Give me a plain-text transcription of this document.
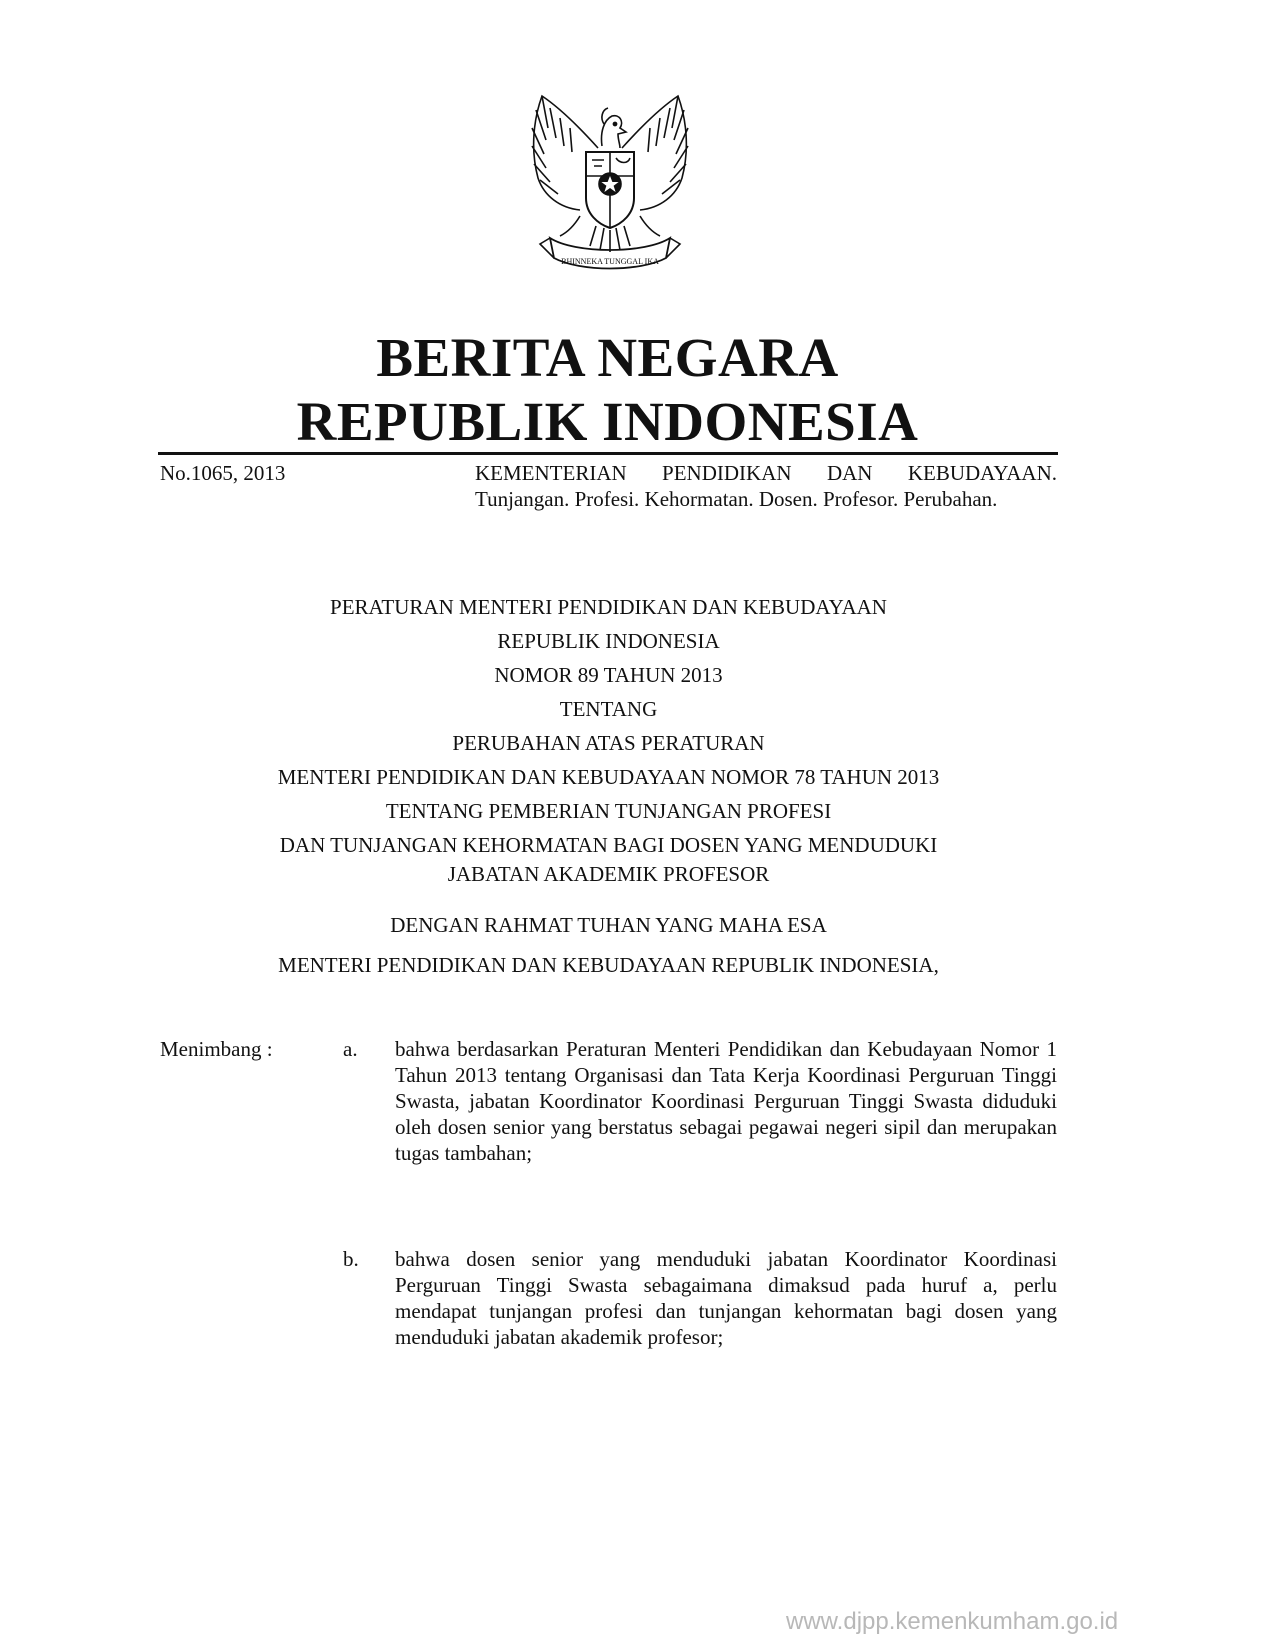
BHINNEKA TUNGGAL IKA
BERITA NEGARA
REPUBLIK INDONESIA
No.1065, 2013	KEMENTERIAN PENDIDIKAN DAN KEBUDAYAAN. Tunjangan. Profesi. Kehormatan. Dosen. Profesor. Perubahan.
PERATURAN MENTERI PENDIDIKAN DAN KEBUDAYAAN
REPUBLIK INDONESIA
NOMOR 89 TAHUN 2013
TENTANG
PERUBAHAN ATAS PERATURAN
MENTERI PENDIDIKAN DAN KEBUDAYAAN NOMOR 78 TAHUN 2013
TENTANG PEMBERIAN TUNJANGAN PROFESI
DAN TUNJANGAN KEHORMATAN BAGI DOSEN YANG MENDUDUKI
JABATAN AKADEMIK PROFESOR
DENGAN RAHMAT TUHAN YANG MAHA ESA
MENTERI PENDIDIKAN DAN KEBUDAYAAN REPUBLIK INDONESIA,
Menimbang :	a. bahwa berdasarkan Peraturan Menteri Pendidikan dan Kebudayaan Nomor 1 Tahun 2013 tentang Organisasi dan Tata Kerja Koordinasi Perguruan Tinggi Swasta, jabatan Koordinator Koordinasi Perguruan Tinggi Swasta diduduki oleh dosen senior yang berstatus sebagai pegawai negeri sipil dan merupakan tugas tambahan;
b. bahwa dosen senior yang menduduki jabatan Koordinator Koordinasi Perguruan Tinggi Swasta sebagaimana dimaksud pada huruf a, perlu mendapat tunjangan profesi dan tunjangan kehormatan bagi dosen yang menduduki jabatan akademik profesor;
www.djpp.kemenkumham.go.id
